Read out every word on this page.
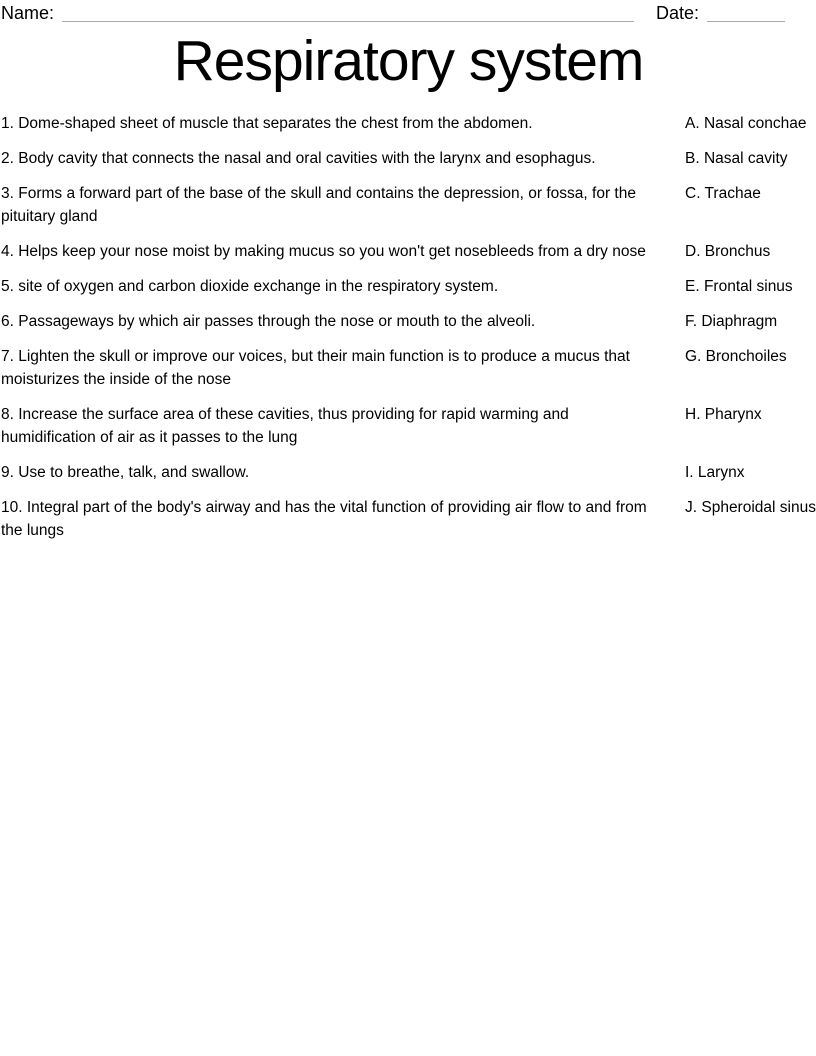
Name:	Date:
Respiratory system
1. Dome-shaped sheet of muscle that separates the chest from the abdomen.	A. Nasal conchae
2. Body cavity that connects the nasal and oral cavities with the larynx and esophagus.	B. Nasal cavity
3. Forms a forward part of the base of the skull and contains the depression, or fossa, for the pituitary gland
C. Trachae
4. Helps keep your nose moist by making mucus so you won't get nosebleeds from a dry nose	D. Bronchus
5. site of oxygen and carbon dioxide exchange in the respiratory system.	E. Frontal sinus
6. Passageways by which air passes through the nose or mouth to the alveoli.	F. Diaphragm
7. Lighten the skull or improve our voices, but their main function is to produce a mucus that moisturizes the inside of the nose
G. Bronchoiles
8. Increase the surface area of these cavities, thus providing for rapid warming and humidification of air as it passes to the lung
H. Pharynx
9. Use to breathe, talk, and swallow.	I. Larynx
10. Integral part of the body's airway and has the vital function of providing air flow to and from the lungs
J. Spheroidal sinus
